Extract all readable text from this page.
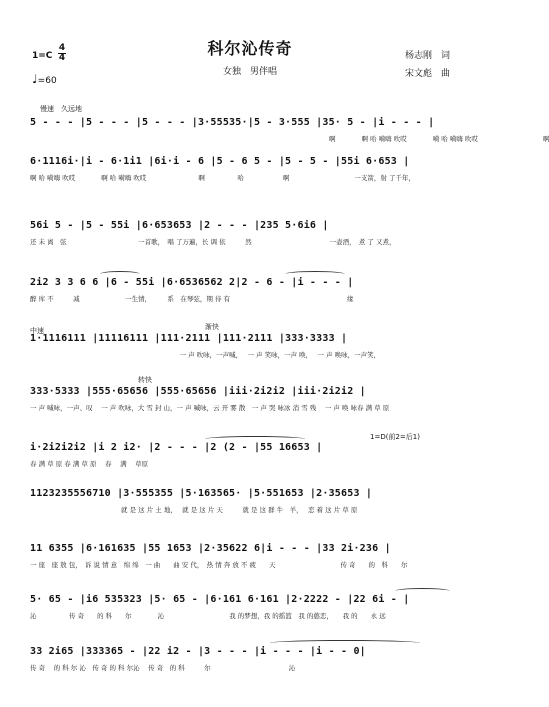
科尔沁传奇
女独　男伴唱
杨志刚　词
宋文彪　曲
1=C
4
4
♩=60
慢速　久远地
中速	渐快
转快
1=D(前2=后1)
5 - - - |5 - - - |5 - - - |3·55535·|5 - 3·555 |35· 5 - |i - - - |
　　　　　　　　　　　　　　　　　　　　　　　　　　　　　　　　　　　　　　　　　　　　　　啊　　　　啊 哈 嗬嗨 吹哎　　　　嗬 哈 嗬嗨 吹哎　　　　　　　　　　啊
6·1116i·|i - 6·1i1 |6i·i - 6 |5 - 6 5 - |5 - 5 - |55i 6·653 |
啊 哈 嗬嗨 吹哎　　　　啊 哈 嗬嗨 吹哎　　　　　　　　啊　　　　　哈　　　　　　啊　　　　　　　　　　一支箭，射 了千年，
56i 5 - |5 - 55i |6·653653 |2 - - - |235 5·6i6 |
还 未 离　弦　　　　　　　　　　　一首歌，　唱 了万遍，长 调 依　　　然　　　　　　　　　　　　一壶酒，　煮 了 又煮，
2i2 3 3 6 6 |6 - 55i |6·6536562 2|2 - 6 - |i - - - |
醉 库 不　　　减　　　　　　　一生情，　　　系　在琴弦，期 待 有　　　　　　　　　　　　　　　　　　缘
1·1116111 |11116111 |111·2111 |111·2111 |333·3333 |
　　　　　　　　　　　　　　　　　　　　　　　一 声 吹咏，一声喊，　 一 声 笑咏，一声 唤，　 一 声 唤咏，一声笑，
333·5333 |555·65656 |555·65656 |iii·2i2i2 |iii·2i2i2 |
一 声 喊咏，一声、叹　 一 声 吹咏，大 雪 封 山，一 声 喊咏，云 开 雾 散　一 声 哭 咏冰 消 雪 残　 一 声 唤 咏春 满 草 原
i·2i2i2i2 |i 2 i2· |2 - - - |2 (2 - |55 16653 |
春 满 草 原 春 满 草 原　 春　 满　 草原
1123235556710 |3·555355 |5·163565· |5·551653 |2·35653 |
　　　　　　　　　　　　　　就 是 这 片 土 地，　 就 是 这 片 天　　　就 是 这 群 牛　羊，　 恋 着 这 片 草 原
11 6355 |6·161635 |55 1653 |2·35622 6|i - - - |33 2i·236 |
一 座　座 敖 包，　诉 说 情 意　绵 绵　一 曲　　曲 安 代，　热 情 奔 放 不 疲　　天　　　　　　　　　　传 奇　　的　科　　尔
5· 65 - |i6 535323 |5· 65 - |6·161 6·161 |2·2222 - |22 6i - |
沁　　　　　传 奇　　的 科　　尔　　　　沁　　　　　　　　　　我 的梦想，我 的摇篮　我 的憨恋，　　我 的　　永 远
33 2i65 |333365 - |22 i2 - |3 - - - |i - - - |i - - 0|
传 奇　 的 科 尔 沁　传 奇 的 科 尔沁　 传 奇　的 科　　　尔　　　　　　　　　　　　沁
